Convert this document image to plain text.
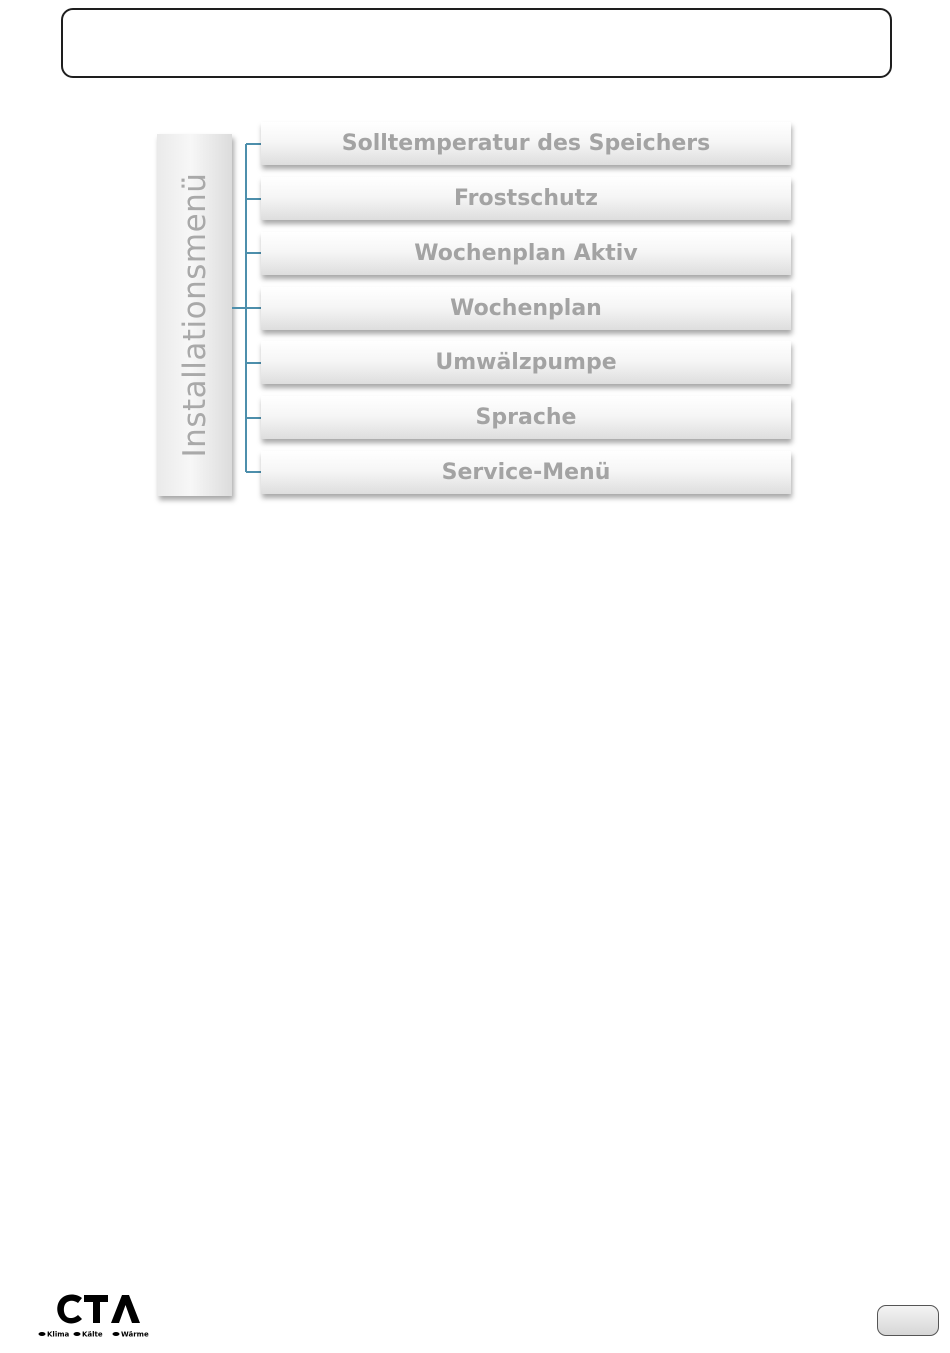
Installationsmenü
Solltemperatur des Speichers
Frostschutz
Wochenplan Aktiv
Wochenplan
Umwälzpumpe
Sprache
Service-Menü
Klima Kälte	Wärme
